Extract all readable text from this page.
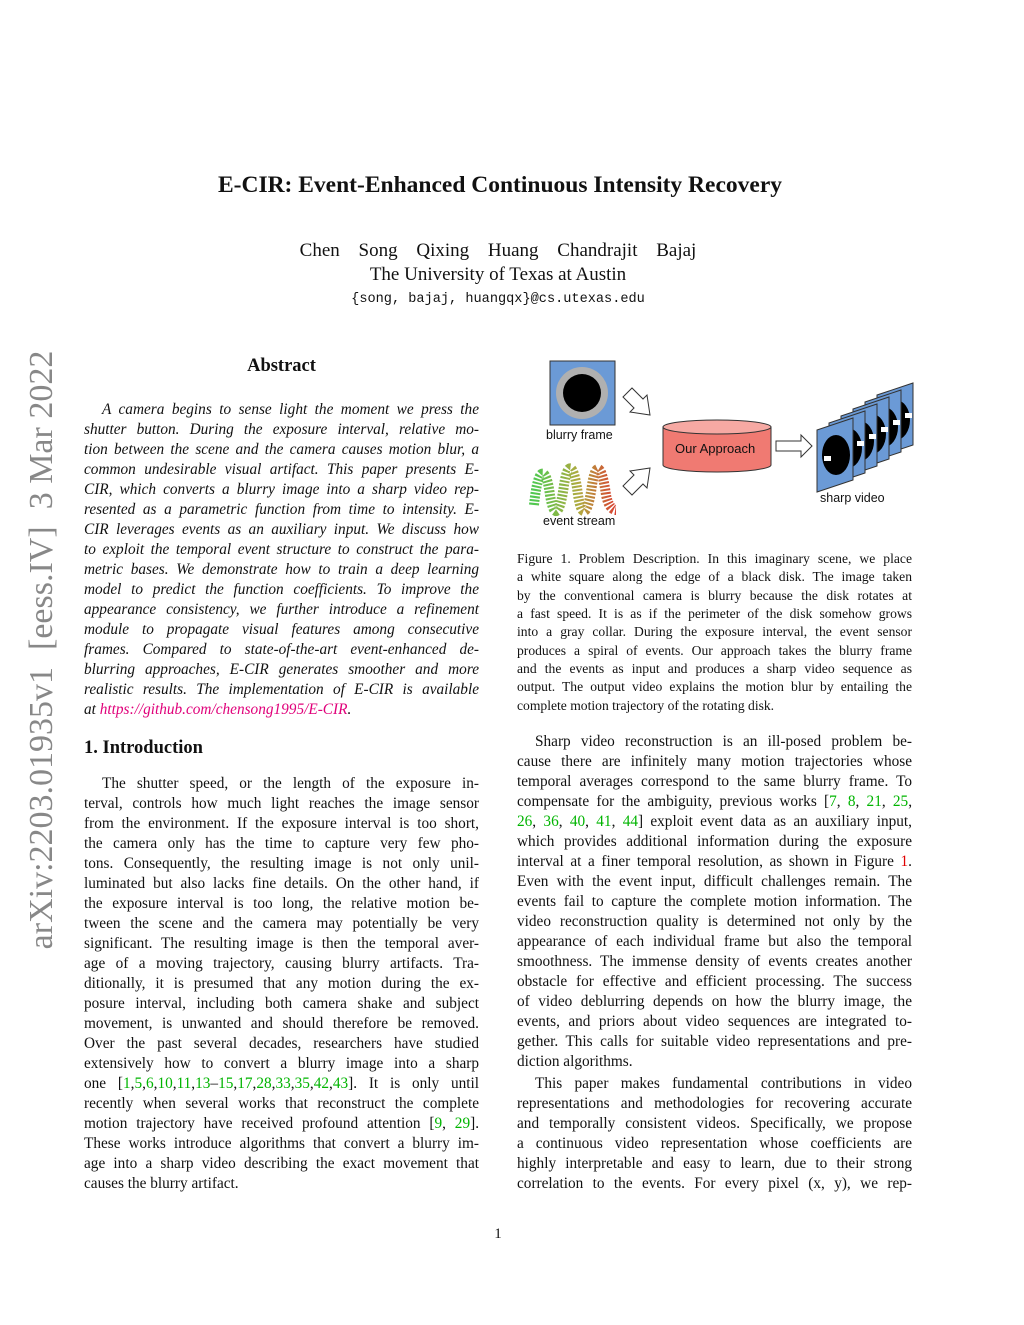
arXiv:2203.01935v1  [eess.IV]  3 Mar 2022
E-CIR: Event-Enhanced Continuous Intensity Recovery
Chen Song Qixing Huang Chandrajit Bajaj
The University of Texas at Austin
{song, bajaj, huangqx}@cs.utexas.edu
Abstract
1. Introduction
A camera begins to sense light the moment we press the
shutter button. During the exposure interval, relative mo-
tion between the scene and the camera causes motion blur, a
common undesirable visual artifact. This paper presents E-
CIR, which converts a blurry image into a sharp video rep-
resented as a parametric function from time to intensity. E-
CIR leverages events as an auxiliary input. We discuss how
to exploit the temporal event structure to construct the para-
metric bases. We demonstrate how to train a deep learning
model to predict the function coefficients. To improve the
appearance consistency, we further introduce a refinement
module to propagate visual features among consecutive
frames. Compared to state-of-the-art event-enhanced de-
blurring approaches, E-CIR generates smoother and more
realistic results. The implementation of E-CIR is available
at https://github.com/chensong1995/E-CIR.
The shutter speed, or the length of the exposure in-
terval, controls how much light reaches the image sensor
from the environment. If the exposure interval is too short,
the camera only has the time to capture very few pho-
tons. Consequently, the resulting image is not only unil-
luminated but also lacks fine details. On the other hand, if
the exposure interval is too long, the relative motion be-
tween the scene and the camera may potentially be very
significant. The resulting image is then the temporal aver-
age of a moving trajectory, causing blurry artifacts. Tra-
ditionally, it is presumed that any motion during the ex-
posure interval, including both camera shake and subject
movement, is unwanted and should therefore be removed.
Over the past several decades, researchers have studied
extensively how to convert a blurry image into a sharp
one [1,5,6,10,11,13–15,17,28,33,35,42,43]. It is only until
recently when several works that reconstruct the complete
motion trajectory have received profound attention [9, 29].
These works introduce algorithms that convert a blurry im-
age into a sharp video describing the exact movement that
causes the blurry artifact.
Figure 1. Problem Description. In this imaginary scene, we place
a white square along the edge of a black disk. The image taken
by the conventional camera is blurry because the disk rotates at
a fast speed. It is as if the perimeter of the disk somehow grows
into a gray collar. During the exposure interval, the event sensor
produces a spiral of events. Our approach takes the blurry frame
and the events as input and produces a sharp video sequence as
output. The output video explains the motion blur by entailing the
complete motion trajectory of the rotating disk.
Sharp video reconstruction is an ill-posed problem be-
cause there are infinitely many motion trajectories whose
temporal averages correspond to the same blurry frame. To
compensate for the ambiguity, previous works [7, 8, 21, 25,
26, 36, 40, 41, 44] exploit event data as an auxiliary input,
which provides additional information during the exposure
interval at a finer temporal resolution, as shown in Figure 1.
Even with the event input, difficult challenges remain. The
events fail to capture the complete motion information. The
video reconstruction quality is determined not only by the
appearance of each individual frame but also the temporal
smoothness. The immense density of events creates another
obstacle for effective and efficient processing. The success
of video deblurring depends on how the blurry image, the
events, and priors about video sequences are integrated to-
gether. This calls for suitable video representations and pre-
diction algorithms.
This paper makes fundamental contributions in video
representations and methodologies for recovering accurate
and temporally consistent videos. Specifically, we propose
a continuous video representation whose coefficients are
highly interpretable and easy to learn, due to their strong
correlation to the events. For every pixel (x, y), we rep-
blurry frame
event stream
Our Approach
sharp video
1
